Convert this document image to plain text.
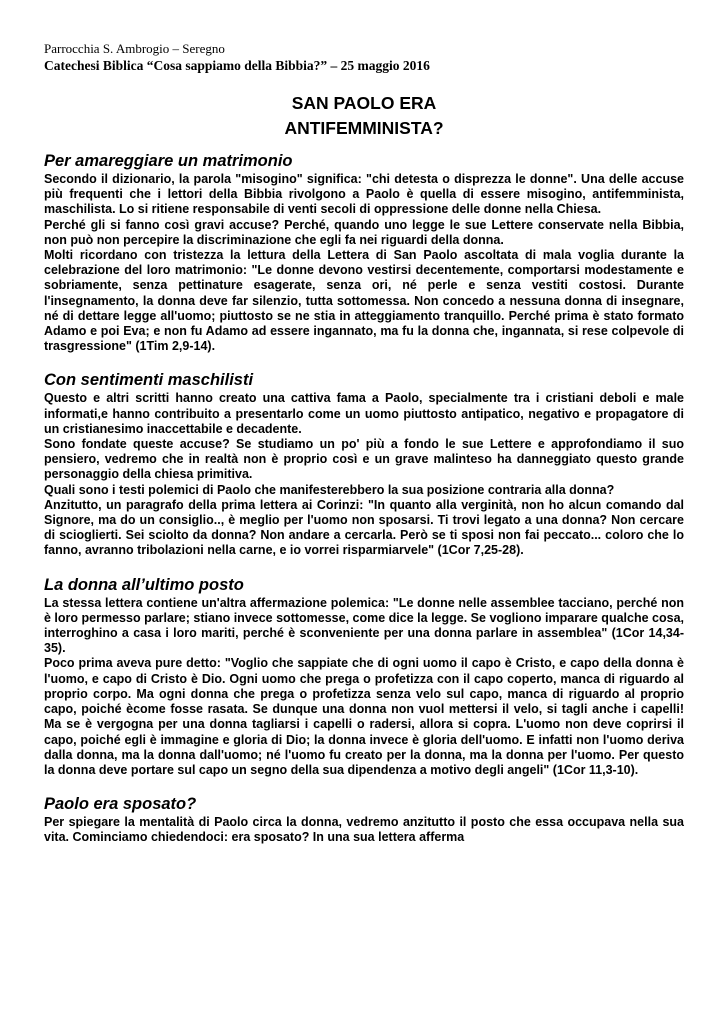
Parrocchia S. Ambrogio – Seregno

Catechesi Biblica “Cosa sappiamo della Bibbia?” – 25 maggio 2016

SAN PAOLO ERA
ANTIFEMMINISTA?
Per amareggiare un matrimonio

Secondo il dizionario, la parola "misogino" significa: "chi detesta o disprezza le donne". Una delle accuse più frequenti che i lettori della Bibbia rivolgono a Paolo è quella di essere misogino, antifemminista, maschilista. Lo si ritiene responsabile di venti secoli di oppressione delle donne nella Chiesa.

Perché gli si fanno così gravi accuse? Perché, quando uno legge le sue Lettere conservate nella Bibbia, non può non percepire la discriminazione che egli fa nei riguardi della donna.

Molti ricordano con tristezza la lettura della Lettera di San Paolo ascoltata di mala voglia durante la celebrazione del loro matrimonio: "Le donne devono vestirsi decentemente, comportarsi modestamente e sobriamente, senza pettinature esagerate, senza ori, né perle e senza vestiti costosi. Durante l'insegnamento, la donna deve far silenzio, tutta sottomessa. Non concedo a nessuna donna di insegnare, né di dettare legge all'uomo; piuttosto se ne stia in atteggiamento tranquillo. Perché prima è stato formato Adamo e poi Eva; e non fu Adamo ad essere ingannato, ma fu la donna che, ingannata, si rese colpevole di trasgressione" (1Tim 2,9-14).

Con sentimenti maschilisti

Questo e altri scritti hanno creato una cattiva fama a Paolo, specialmente tra i cristiani deboli e male informati,e hanno contribuito a presentarlo come un uomo piuttosto antipatico, negativo e propagatore di un cristianesimo inaccettabile e decadente.

Sono fondate queste accuse? Se studiamo un po' più a fondo le sue Lettere e approfondiamo il suo pensiero, vedremo che in realtà non è proprio così e un grave malinteso ha danneggiato questo grande personaggio della chiesa primitiva.

Quali sono i testi polemici di Paolo che manifesterebbero la sua posizione contraria alla donna?

Anzitutto, un paragrafo della prima lettera ai Corinzi: "In quanto alla verginità, non ho alcun comando dal Signore, ma do un consiglio.., è meglio per l'uomo non sposarsi. Ti trovi legato a una donna? Non cercare di scioglierti. Sei sciolto da donna? Non andare a cercarla. Però se ti sposi non fai peccato... coloro che lo fanno, avranno tribolazioni nella carne, e io vorrei risparmiarvele" (1Cor 7,25-28).

La donna all’ultimo posto

La stessa lettera contiene un'altra affermazione polemica: "Le donne nelle assemblee tacciano, perché non è loro permesso parlare; stiano invece sottomesse, come dice la legge. Se vogliono imparare qualche cosa, interroghino a casa i loro mariti, perché è sconveniente per una donna parlare in assemblea" (1Cor 14,34-35).

Poco prima aveva pure detto: "Voglio che sappiate che di ogni uomo il capo è Cristo, e capo della donna è l'uomo, e capo di Cristo è Dio. Ogni uomo che prega o profetizza con il capo coperto, manca di riguardo al proprio corpo. Ma ogni donna che prega o profetizza senza velo sul capo, manca di riguardo al proprio capo, poiché ècome fosse rasata. Se dunque una donna non vuol mettersi il velo, si tagli anche i capelli! Ma se è vergogna per una donna tagliarsi i capelli o radersi, allora si copra. L'uomo non deve coprirsi il capo, poiché egli è immagine e gloria di Dio; la donna invece è gloria dell'uomo. E infatti non l'uomo deriva dalla donna, ma la donna dall'uomo; né l'uomo fu creato per la donna, ma la donna per l'uomo. Per questo la donna deve portare sul capo un segno della sua dipendenza a motivo degli angeli" (1Cor 11,3-10).

Paolo era sposato?

Per spiegare la mentalità di Paolo circa la donna, vedremo anzitutto il posto che essa occupava nella sua vita. Cominciamo chiedendoci: era sposato? In una sua lettera afferma
